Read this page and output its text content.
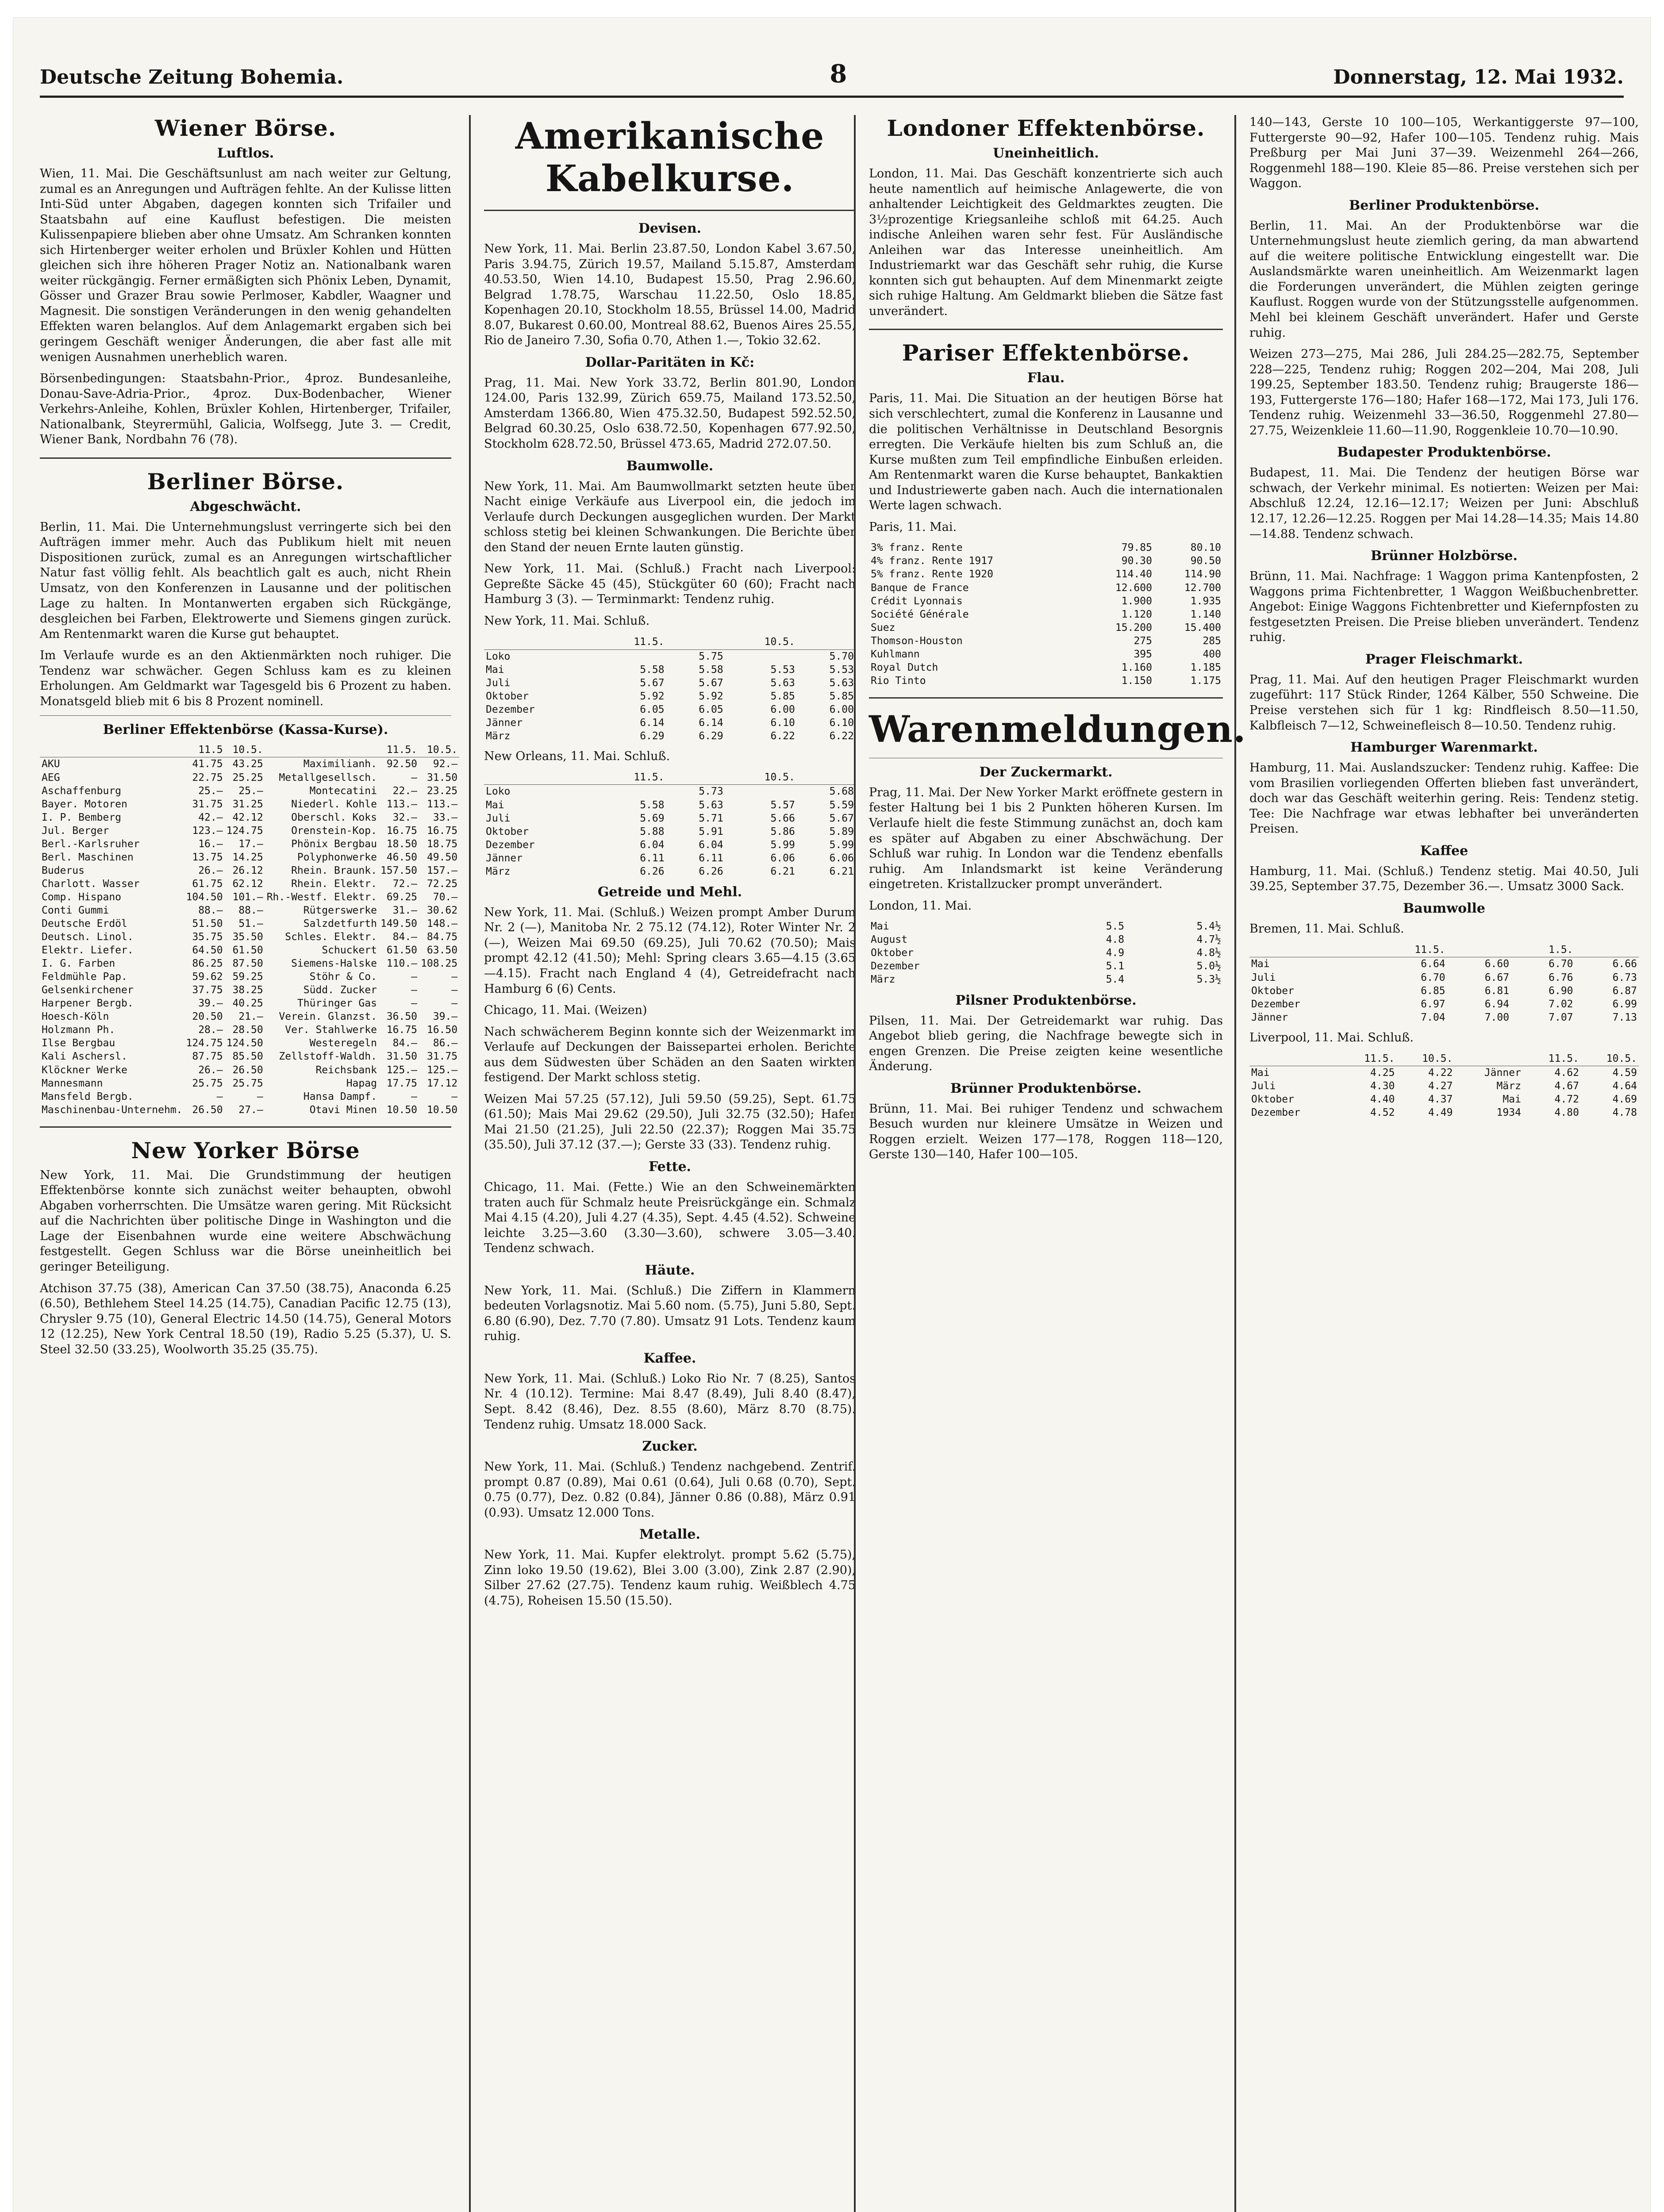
Deutsche Zeitung Bohemia.	8	Donnerstag, 12. Mai 1932.
Wiener Börse.
Luftlos.

Wien, 11. Mai. Die Geschäftsunlust am nach weiter zur Geltung, zumal es an Anregungen und Aufträgen fehlte. An der Kulisse litten Inti-Süd unter Abgaben, dagegen konnten sich Trifailer und Staatsbahn auf eine Kauflust befestigen. Die meisten Kulissenpapiere blieben aber ohne Umsatz. Am Schranken konnten sich Hirtenberger weiter erholen und Brüxler Kohlen und Hütten gleichen sich ihre höheren Prager Notiz an. Nationalbank waren weiter rückgängig. Ferner ermäßigten sich Phönix Leben, Dynamit, Gösser und Grazer Brau sowie Perlmoser, Kabdler, Waagner und Magnesit. Die sonstigen Veränderungen in den wenig gehandelten Effekten waren belanglos. Auf dem Anlagemarkt ergaben sich bei geringem Geschäft weniger Änderungen, die aber fast alle mit wenigen Ausnahmen unerheblich waren.

Börsenbedingungen: Staatsbahn-Prior., 4proz. Bundesanleihe, Donau-Save-Adria-Prior., 4proz. Dux-Bodenbacher, Wiener Verkehrs-Anleihe, Kohlen, Brüxler Kohlen, Hirtenberger, Trifailer, Nationalbank, Steyrermühl, Galicia, Wolfsegg, Jute 3. — Credit, Wiener Bank, Nordbahn 76 (78).

Berliner Börse.
Abgeschwächt.

Berlin, 11. Mai. Die Unternehmungslust verringerte sich bei den Aufträgen immer mehr. Auch das Publikum hielt mit neuen Dispositionen zurück, zumal es an Anregungen wirtschaftlicher Natur fast völlig fehlt. Als beachtlich galt es auch, nicht Rhein Umsatz, von den Konferenzen in Lausanne und der politischen Lage zu halten. In Montanwerten ergaben sich Rückgänge, desgleichen bei Farben, Elektrowerte und Siemens gingen zurück. Am Rentenmarkt waren die Kurse gut behauptet.

Im Verlaufe wurde es an den Aktienmärkten noch ruhiger. Die Tendenz war schwächer. Gegen Schluss kam es zu kleinen Erholungen. Am Geldmarkt war Tagesgeld bis 6 Prozent zu haben. Monatsgeld blieb mit 6 bis 8 Prozent nominell.

Berliner Effektenbörse (Kassa-Kurse).
	11.5	10.5.		11.5.	10.5.
AKU	41.75	43.25	Maximilianh.	92.50	92.—
AEG	22.75	25.25	Metallgesellsch.	—	31.50
Aschaffenburg	25.—	25.—	Montecatini	22.—	23.25
Bayer. Motoren	31.75	31.25	Niederl. Kohle	113.—	113.—
I. P. Bemberg	42.—	42.12	Oberschl. Koks	32.—	33.—
Jul. Berger	123.—	124.75	Orenstein-Kop.	16.75	16.75
Berl.-Karlsruher	16.—	17.—	Phönix Bergbau	18.50	18.75
Berl. Maschinen	13.75	14.25	Polyphonwerke	46.50	49.50
Buderus	26.—	26.12	Rhein. Braunk.	157.50	157.—
Charlott. Wasser	61.75	62.12	Rhein. Elektr.	72.—	72.25
Comp. Hispano	104.50	101.—	Rh.-Westf. Elektr.	69.25	70.—
Conti Gummi	88.—	88.—	Rütgerswerke	31.—	30.62
Deutsche Erdöl	51.50	51.—	Salzdetfurth	149.50	148.—
Deutsch. Linol.	35.75	35.50	Schles. Elektr.	84.—	84.75
Elektr. Liefer.	64.50	61.50	Schuckert	61.50	63.50
I. G. Farben	86.25	87.50	Siemens-Halske	110.—	108.25
Feldmühle Pap.	59.62	59.25	Stöhr & Co.	—	—
Gelsenkirchener	37.75	38.25	Südd. Zucker	—	—
Harpener Bergb.	39.—	40.25	Thüringer Gas	—	—
Hoesch-Köln	20.50	21.—	Verein. Glanzst.	36.50	39.—
Holzmann Ph.	28.—	28.50	Ver. Stahlwerke	16.75	16.50
Ilse Bergbau	124.75	124.50	Westeregeln	84.—	86.—
Kali Aschersl.	87.75	85.50	Zellstoff-Waldh.	31.50	31.75
Klöckner Werke	26.—	26.50	Reichsbank	125.—	125.—
Mannesmann	25.75	25.75	Hapag	17.75	17.12
Mansfeld Bergb.	—	—	Hansa Dampf.	—	—
Maschinenbau-Unternehm.	26.50	27.—	Otavi Minen	10.50	10.50
New Yorker Börse

New York, 11. Mai. Die Grundstimmung der heutigen Effektenbörse konnte sich zunächst weiter behaupten, obwohl Abgaben vorherrschten. Die Umsätze waren gering. Mit Rücksicht auf die Nachrichten über politische Dinge in Washington und die Lage der Eisenbahnen wurde eine weitere Abschwächung festgestellt. Gegen Schluss war die Börse uneinheitlich bei geringer Beteiligung.

Atchison 37.75 (38), American Can 37.50 (38.75), Anaconda 6.25 (6.50), Bethlehem Steel 14.25 (14.75), Canadian Pacific 12.75 (13), Chrysler 9.75 (10), General Electric 14.50 (14.75), General Motors 12 (12.25), New York Central 18.50 (19), Radio 5.25 (5.37), U. S. Steel 32.50 (33.25), Woolworth 35.25 (35.75).

Amerikanische Kabelkurse.
Devisen.

New York, 11. Mai. Berlin 23.87.50, London Kabel 3.67.50, Paris 3.94.75, Zürich 19.57, Mailand 5.15.87, Amsterdam 40.53.50, Wien 14.10, Budapest 15.50, Prag 2.96.60, Belgrad 1.78.75, Warschau 11.22.50, Oslo 18.85, Kopenhagen 20.10, Stockholm 18.55, Brüssel 14.00, Madrid 8.07, Bukarest 0.60.00, Montreal 88.62, Buenos Aires 25.55, Rio de Janeiro 7.30, Sofia 0.70, Athen 1.—, Tokio 32.62.

Dollar-Paritäten in Kč:

Prag, 11. Mai. New York 33.72, Berlin 801.90, London 124.00, Paris 132.99, Zürich 659.75, Mailand 173.52.50, Amsterdam 1366.80, Wien 475.32.50, Budapest 592.52.50, Belgrad 60.30.25, Oslo 638.72.50, Kopenhagen 677.92.50, Stockholm 628.72.50, Brüssel 473.65, Madrid 272.07.50.

Baumwolle.

New York, 11. Mai. Am Baumwollmarkt setzten heute über Nacht einige Verkäufe aus Liverpool ein, die jedoch im Verlaufe durch Deckungen ausgeglichen wurden. Der Markt schloss stetig bei kleinen Schwankungen. Die Berichte über den Stand der neuen Ernte lauten günstig.

New York, 11. Mai. (Schluß.) Fracht nach Liverpool: Gepreßte Säcke 45 (45), Stückgüter 60 (60); Fracht nach Hamburg 3 (3). — Terminmarkt: Tendenz ruhig.

New York, 11. Mai. Schluß.

	11.5.		10.5.	
Loko		5.75		5.70
Mai	5.58	5.58	5.53	5.53
Juli	5.67	5.67	5.63	5.63
Oktober	5.92	5.92	5.85	5.85
Dezember	6.05	6.05	6.00	6.00
Jänner	6.14	6.14	6.10	6.10
März	6.29	6.29	6.22	6.22

New Orleans, 11. Mai. Schluß.

	11.5.		10.5.	
Loko		5.73		5.68
Mai	5.58	5.63	5.57	5.59
Juli	5.69	5.71	5.66	5.67
Oktober	5.88	5.91	5.86	5.89
Dezember	6.04	6.04	5.99	5.99
Jänner	6.11	6.11	6.06	6.06
März	6.26	6.26	6.21	6.21
Getreide und Mehl.

New York, 11. Mai. (Schluß.) Weizen prompt Amber Durum Nr. 2 (—), Manitoba Nr. 2 75.12 (74.12), Roter Winter Nr. 2 (—), Weizen Mai 69.50 (69.25), Juli 70.62 (70.50); Mais prompt 42.12 (41.50); Mehl: Spring clears 3.65—4.15 (3.65—4.15). Fracht nach England 4 (4), Getreidefracht nach Hamburg 6 (6) Cents.

Chicago, 11. Mai. (Weizen)

Nach schwächerem Beginn konnte sich der Weizenmarkt im Verlaufe auf Deckungen der Baissepartei erholen. Berichte aus dem Südwesten über Schäden an den Saaten wirkten festigend. Der Markt schloss stetig.

Weizen Mai 57.25 (57.12), Juli 59.50 (59.25), Sept. 61.75 (61.50); Mais Mai 29.62 (29.50), Juli 32.75 (32.50); Hafer Mai 21.50 (21.25), Juli 22.50 (22.37); Roggen Mai 35.75 (35.50), Juli 37.12 (37.—); Gerste 33 (33). Tendenz ruhig.

Fette.

Chicago, 11. Mai. (Fette.) Wie an den Schweinemärkten traten auch für Schmalz heute Preisrückgänge ein. Schmalz Mai 4.15 (4.20), Juli 4.27 (4.35), Sept. 4.45 (4.52). Schweine leichte 3.25—3.60 (3.30—3.60), schwere 3.05—3.40. Tendenz schwach.

Häute.

New York, 11. Mai. (Schluß.) Die Ziffern in Klammern bedeuten Vorlagsnotiz. Mai 5.60 nom. (5.75), Juni 5.80, Sept. 6.80 (6.90), Dez. 7.70 (7.80). Umsatz 91 Lots. Tendenz kaum ruhig.

Kaffee.

New York, 11. Mai. (Schluß.) Loko Rio Nr. 7 (8.25), Santos Nr. 4 (10.12). Termine: Mai 8.47 (8.49), Juli 8.40 (8.47), Sept. 8.42 (8.46), Dez. 8.55 (8.60), März 8.70 (8.75). Tendenz ruhig. Umsatz 18.000 Sack.

Zucker.

New York, 11. Mai. (Schluß.) Tendenz nachgebend. Zentrif. prompt 0.87 (0.89), Mai 0.61 (0.64), Juli 0.68 (0.70), Sept. 0.75 (0.77), Dez. 0.82 (0.84), Jänner 0.86 (0.88), März 0.91 (0.93). Umsatz 12.000 Tons.

Metalle.

New York, 11. Mai. Kupfer elektrolyt. prompt 5.62 (5.75), Zinn loko 19.50 (19.62), Blei 3.00 (3.00), Zink 2.87 (2.90), Silber 27.62 (27.75). Tendenz kaum ruhig. Weißblech 4.75 (4.75), Roheisen 15.50 (15.50).

Londoner Effektenbörse.
Uneinheitlich.

London, 11. Mai. Das Geschäft konzentrierte sich auch heute namentlich auf heimische Anlagewerte, die von anhaltender Leichtigkeit des Geldmarktes zeugten. Die 3½prozentige Kriegsanleihe schloß mit 64.25. Auch indische Anleihen waren sehr fest. Für Ausländische Anleihen war das Interesse uneinheitlich. Am Industriemarkt war das Geschäft sehr ruhig, die Kurse konnten sich gut behaupten. Auf dem Minenmarkt zeigte sich ruhige Haltung. Am Geldmarkt blieben die Sätze fast unverändert.

Pariser Effektenbörse.
Flau.

Paris, 11. Mai. Die Situation an der heutigen Börse hat sich verschlechtert, zumal die Konferenz in Lausanne und die politischen Verhältnisse in Deutschland Besorgnis erregten. Die Verkäufe hielten bis zum Schluß an, die Kurse mußten zum Teil empfindliche Einbußen erleiden. Am Rentenmarkt waren die Kurse behauptet, Bankaktien und Industriewerte gaben nach. Auch die internationalen Werte lagen schwach.

Paris, 11. Mai.

3% franz. Rente	79.85	80.10
4% franz. Rente 1917	90.30	90.50
5% franz. Rente 1920	114.40	114.90
Banque de France	12.600	12.700
Crédit Lyonnais	1.900	1.935
Société Générale	1.120	1.140
Suez	15.200	15.400
Thomson-Houston	275	285
Kuhlmann	395	400
Royal Dutch	1.160	1.185
Rio Tinto	1.150	1.175
Warenmeldungen.
Der Zuckermarkt.

Prag, 11. Mai. Der New Yorker Markt eröffnete gestern in fester Haltung bei 1 bis 2 Punkten höheren Kursen. Im Verlaufe hielt die feste Stimmung zunächst an, doch kam es später auf Abgaben zu einer Abschwächung. Der Schluß war ruhig. In London war die Tendenz ebenfalls ruhig. Am Inlandsmarkt ist keine Veränderung eingetreten. Kristallzucker prompt unverändert.

London, 11. Mai.

Mai	5.5	5.4½
August	4.8	4.7½
Oktober	4.9	4.8½
Dezember	5.1	5.0½
März	5.4	5.3½
Pilsner Produktenbörse.

Pilsen, 11. Mai. Der Getreidemarkt war ruhig. Das Angebot blieb gering, die Nachfrage bewegte sich in engen Grenzen. Die Preise zeigten keine wesentliche Änderung.

Brünner Produktenbörse.

Brünn, 11. Mai. Bei ruhiger Tendenz und schwachem Besuch wurden nur kleinere Umsätze in Weizen und Roggen erzielt. Weizen 177—178, Roggen 118—120, Gerste 130—140, Hafer 100—105.

140—143, Gerste 10 100—105, Werkantiggerste 97—100, Futtergerste 90—92, Hafer 100—105. Tendenz ruhig. Mais Preßburg per Mai Juni 37—39. Weizenmehl 264—266, Roggenmehl 188—190. Kleie 85—86. Preise verstehen sich per Waggon.

Berliner Produktenbörse.

Berlin, 11. Mai. An der Produktenbörse war die Unternehmungslust heute ziemlich gering, da man abwartend auf die weitere politische Entwicklung eingestellt war. Die Auslandsmärkte waren uneinheitlich. Am Weizenmarkt lagen die Forderungen unverändert, die Mühlen zeigten geringe Kauflust. Roggen wurde von der Stützungsstelle aufgenommen. Mehl bei kleinem Geschäft unverändert. Hafer und Gerste ruhig.

Weizen 273—275, Mai 286, Juli 284.25—282.75, September 228—225, Tendenz ruhig; Roggen 202—204, Mai 208, Juli 199.25, September 183.50. Tendenz ruhig; Braugerste 186—193, Futtergerste 176—180; Hafer 168—172, Mai 173, Juli 176. Tendenz ruhig. Weizenmehl 33—36.50, Roggenmehl 27.80—27.75, Weizenkleie 11.60—11.90, Roggenkleie 10.70—10.90.

Budapester Produktenbörse.

Budapest, 11. Mai. Die Tendenz der heutigen Börse war schwach, der Verkehr minimal. Es notierten: Weizen per Mai: Abschluß 12.24, 12.16—12.17; Weizen per Juni: Abschluß 12.17, 12.26—12.25. Roggen per Mai 14.28—14.35; Mais 14.80—14.88. Tendenz schwach.

Brünner Holzbörse.

Brünn, 11. Mai. Nachfrage: 1 Waggon prima Kantenpfosten, 2 Waggons prima Fichtenbretter, 1 Waggon Weißbuchenbretter. Angebot: Einige Waggons Fichtenbretter und Kiefernpfosten zu festgesetzten Preisen. Die Preise blieben unverändert. Tendenz ruhig.

Prager Fleischmarkt.

Prag, 11. Mai. Auf den heutigen Prager Fleischmarkt wurden zugeführt: 117 Stück Rinder, 1264 Kälber, 550 Schweine. Die Preise verstehen sich für 1 kg: Rindfleisch 8.50—11.50, Kalbfleisch 7—12, Schweinefleisch 8—10.50. Tendenz ruhig.

Hamburger Warenmarkt.

Hamburg, 11. Mai. Auslandszucker: Tendenz ruhig. Kaffee: Die vom Brasilien vorliegenden Offerten blieben fast unverändert, doch war das Geschäft weiterhin gering. Reis: Tendenz stetig. Tee: Die Nachfrage war etwas lebhafter bei unveränderten Preisen.

Kaffee

Hamburg, 11. Mai. (Schluß.) Tendenz stetig. Mai 40.50, Juli 39.25, September 37.75, Dezember 36.—. Umsatz 3000 Sack.

Baumwolle

Bremen, 11. Mai. Schluß.

	11.5.		1.5.	
Mai	6.64	6.60	6.70	6.66
Juli	6.70	6.67	6.76	6.73
Oktober	6.85	6.81	6.90	6.87
Dezember	6.97	6.94	7.02	6.99
Jänner	7.04	7.00	7.07	7.13

Liverpool, 11. Mai. Schluß.

	11.5.	10.5.		11.5.	10.5.
Mai	4.25	4.22	Jänner	4.62	4.59
Juli	4.30	4.27	März	4.67	4.64
Oktober	4.40	4.37	Mai	4.72	4.69
Dezember	4.52	4.49	1934	4.80	4.78
